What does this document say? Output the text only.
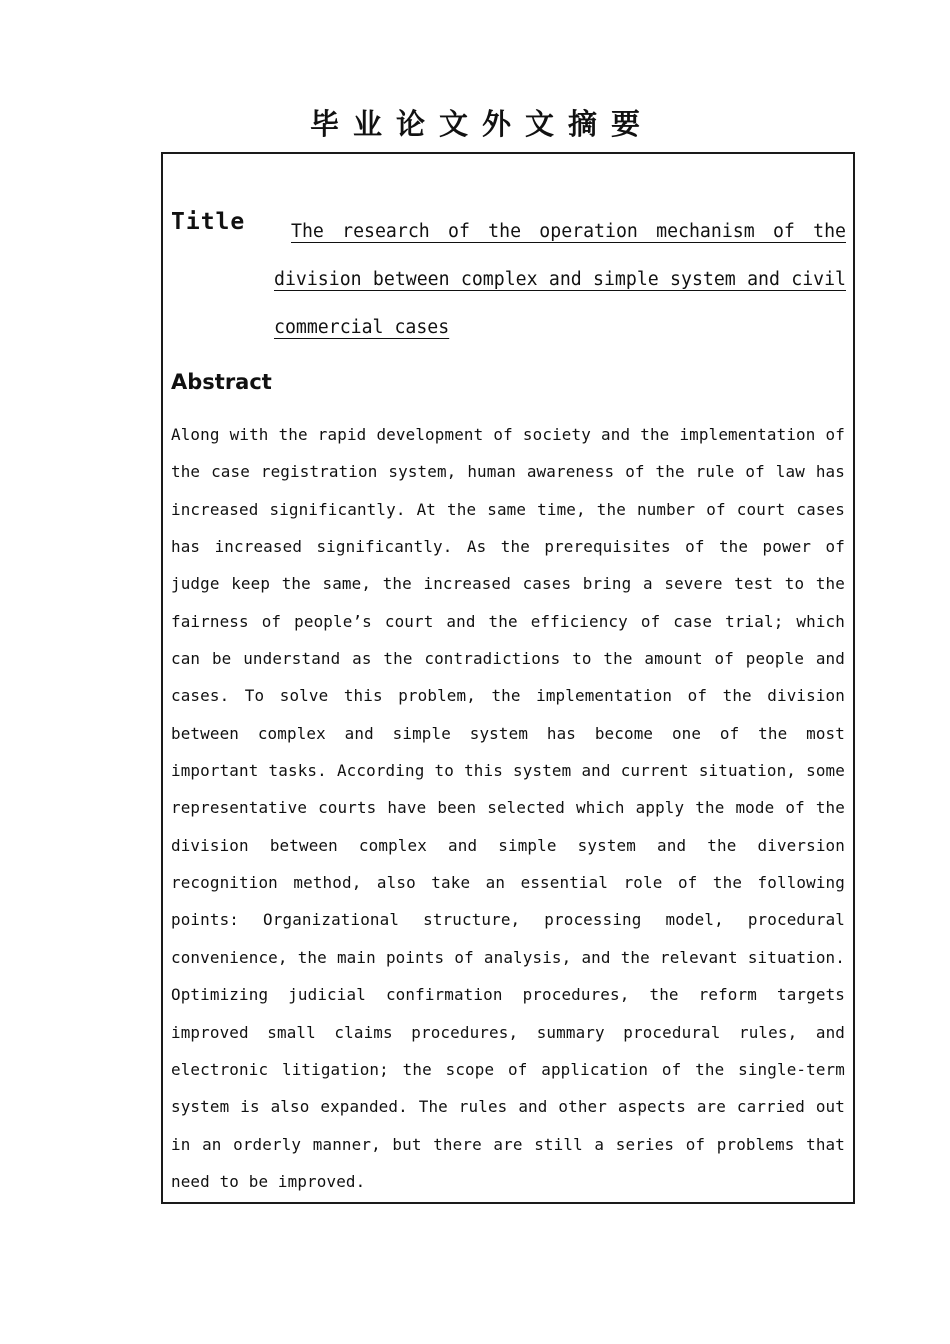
毕业论文外文摘要
Title	The research of the operation mechanism of the division between complex and simple system and civil commercial cases
Abstract

Along with the rapid development of society and the implementation of the case registration system, human awareness of the rule of law has increased significantly. At the same time, the number of court cases has increased significantly. As the prerequisites of the power of judge keep the same, the increased cases bring a severe test to the fairness of people’s court and the efficiency of case trial; which can be understand as the contradictions to the amount of people and cases. To solve this problem, the implementation of the division between complex and simple system has become one of the most important tasks. According to this system and current situation, some representative courts have been selected which apply the mode of the division between complex and simple system and the diversion recognition method, also take an essential role of the following points: Organizational structure, processing model, procedural convenience, the main points of analysis, and the relevant situation. Optimizing judicial confirmation procedures, the reform targets improved small claims procedures, summary procedural rules, and electronic litigation; the scope of application of the single-term system is also expanded. The rules and other aspects are carried out in an orderly manner, but there are still a series of problems that need to be improved.
